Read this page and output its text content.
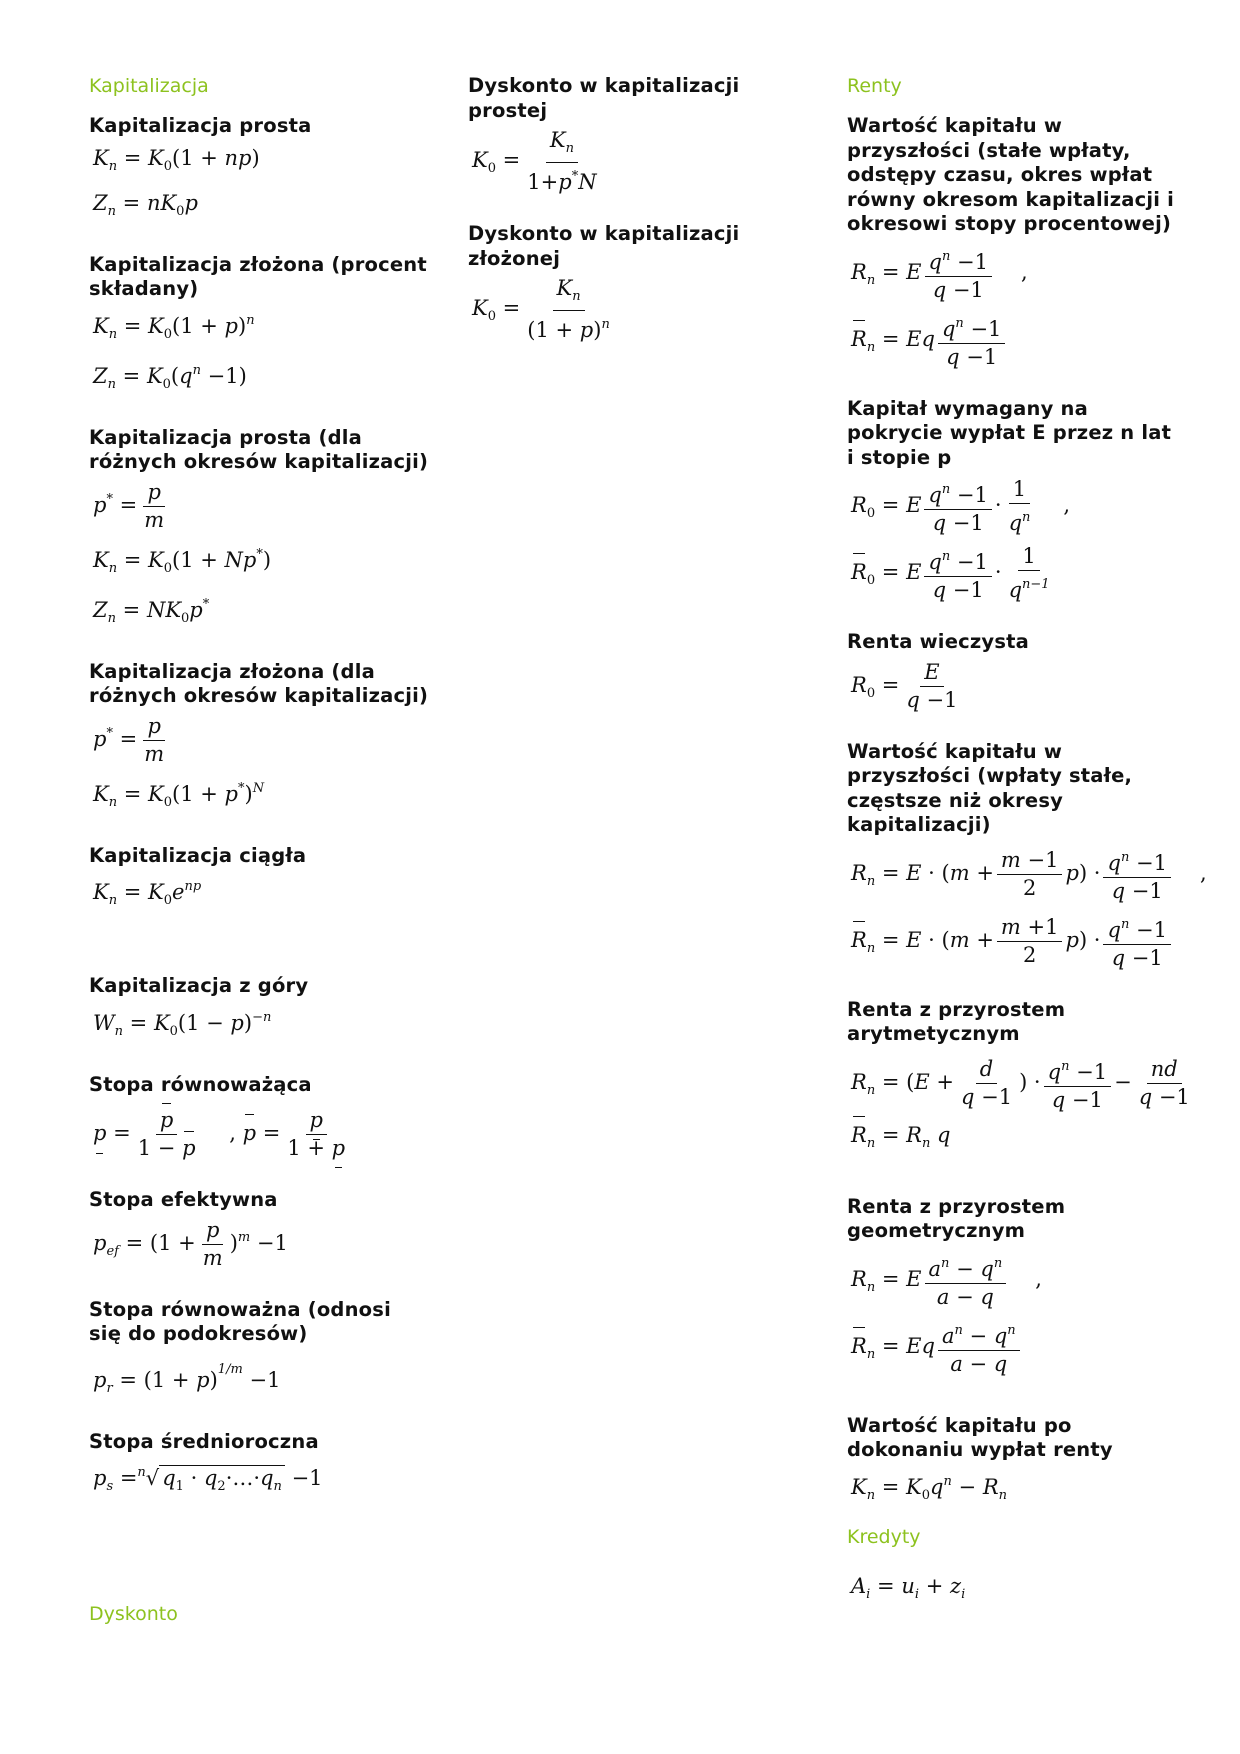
Kapitalizacja
Kapitalizacja prosta
$K_n = K_0(1 + np)$
$Z_n = nK_0p$
Kapitalizacja złożona (procent składany)
$K_n = K_0(1 + p)^n$
$Z_n = K_0(q^n -1)$
Kapitalizacja prosta (dla różnych okresów kapitalizacji)
$p^* = \frac{p}{m}$
$K_n = K_0(1 + Np^*)$
$Z_n = NK_0p^*$
Kapitalizacja złożona (dla różnych okresów kapitalizacji)
$p^* = \frac{p}{m}$
$K_n = K_0(1 + p^*)^N$
Kapitalizacja ciągła
$K_n = K_0e^{np}$
Kapitalizacja z góry
$W_n = K_0(1 - p)^{-n}$
Stopa równoważąca
$p = \frac{p}{1 - p}$ , $p = \frac{p}{1 + p}$
Stopa efektywna
$p_{ef} = (1 + \frac{p}{m} )^m -1$
Stopa równoważna (odnosi się do podokresów)
$p_r = (1 + p)^{1/m} -1$
Stopa średnioroczna
$p_s =^n√$ $q_1$ · $q_2\cdot\dots\cdot q_n -1$
Dyskonto
Dyskonto w kapitalizacji prostej
$K_0 = \frac{K_n}{1+p^*N}$
Dyskonto w kapitalizacji złożonej
$K_0 = \frac{K_n}{(1 + p)^n}$
Renty
Wartość kapitału w przyszłości (stałe wpłaty, odstępy czasu, okres wpłat równy okresom kapitalizacji i okresowi stopy procentowej)
$R_n = E \frac{q^n -1}{q -1}$ ,
$R_n = Eq \frac{q^n -1}{q -1}$
Kapitał wymagany na pokrycie wypłat E przez n lat i stopie p
$R_0 = E \frac{q^n -1}{q -1} \cdot \frac{1}{q^n}$ ,
$R_0 = E \frac{q^n -1}{q -1} \cdot \frac{1}{q^{n-1}}$
Renta wieczysta
$R_0 = \frac{E}{q -1}$
Wartość kapitału w przyszłości (wpłaty stałe, częstsze niż okresy kapitalizacji)
$R_n = E \cdot (m + \frac{m -1}{2} p) \cdot \frac{q^n -1}{q -1}$ ,
$R_n = E \cdot (m + \frac{m +1}{2} p) \cdot \frac{q^n -1}{q -1}$
Renta z przyrostem arytmetycznym
$R_n = (E + \frac{d}{q -1}$ ) · $\frac{q^n -1}{q -1} - \frac{nd}{q -1}$
$R_n = R_n$ q
Renta z przyrostem geometrycznym
$R_n = E \frac{a^n - q^n}{a - q}$ ,
$R_n = Eq \frac{a^n - q^n}{a - q}$
Wartość kapitału po dokonaniu wypłat renty
$K_n = K_0q^n - R_n$
Kredyty
$A_i = u_i + z_i$
